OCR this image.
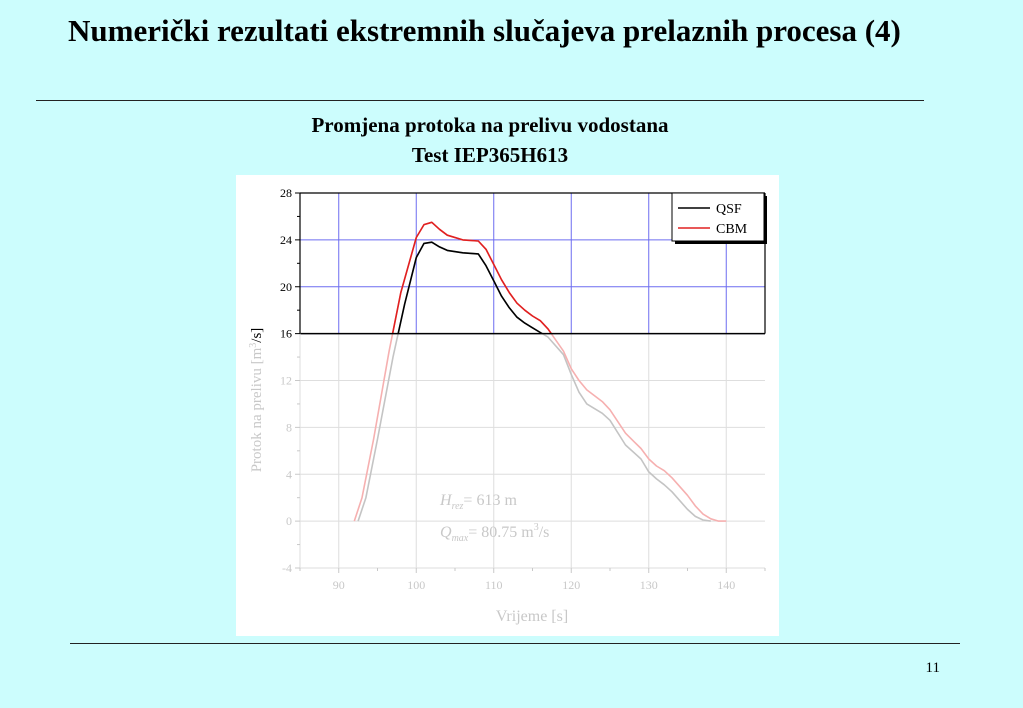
Numerički rezultati ekstremnih slučajeva prelaznih procesa (4)
Promjena protoka na prelivu vodostana
Test IEP365H613
-4
0
4
8
12
16
20
24
28
90	100	110	120	130	140
Vrijeme [s]
Protok na prelivu $[m^3/s]$
$H_{rez}= 613$ m
$Q_{max}= 80.75$ $m^3/s$
QSF
CBM
11
